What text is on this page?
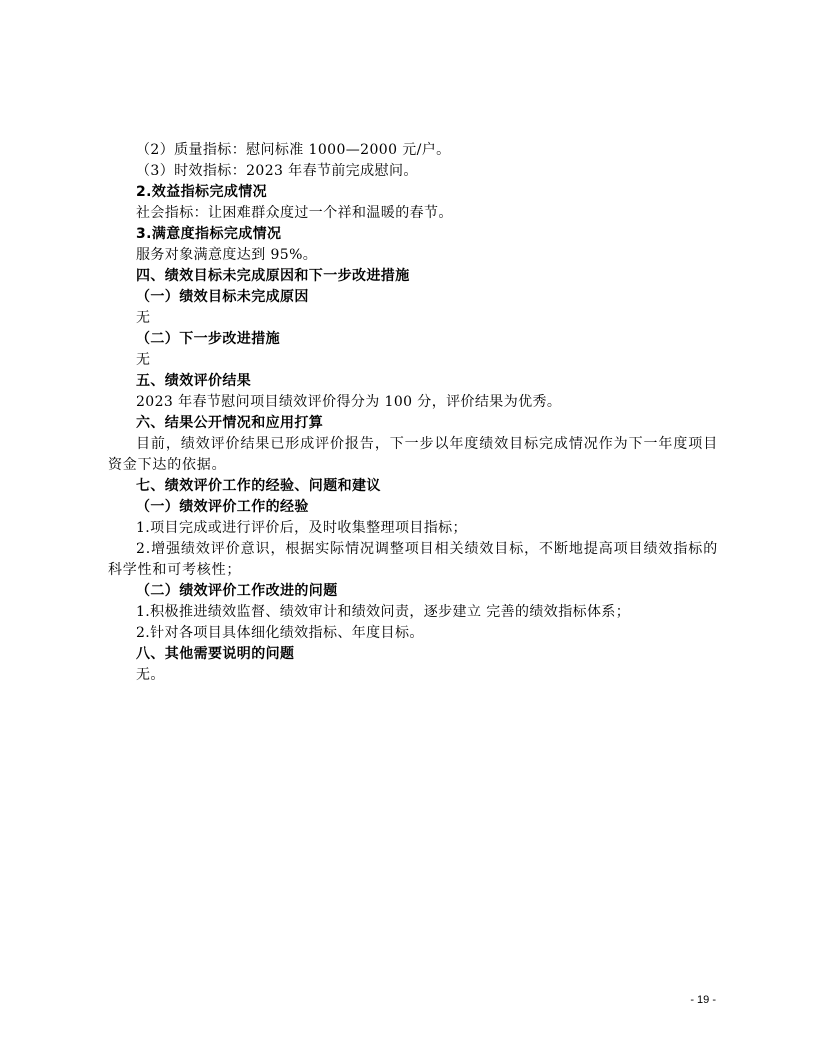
（2）质量指标：慰问标准 1000—2000 元/户。
（3）时效指标：2023 年春节前完成慰问。
2.效益指标完成情况
社会指标：让困难群众度过一个祥和温暖的春节。
3.满意度指标完成情况
服务对象满意度达到 95%。
四、绩效目标未完成原因和下一步改进措施
（一）绩效目标未完成原因
无
（二）下一步改进措施
无
五、绩效评价结果
2023 年春节慰问项目绩效评价得分为 100 分，评价结果为优秀。
六、结果公开情况和应用打算
目前，绩效评价结果已形成评价报告，下一步以年度绩效目标完成情况作为下一年度项目资金下达的依据。
七、绩效评价工作的经验、问题和建议
（一）绩效评价工作的经验
1.项目完成或进行评价后，及时收集整理项目指标；
2.增强绩效评价意识，根据实际情况调整项目相关绩效目标，不断地提高项目绩效指标的科学性和可考核性；
（二）绩效评价工作改进的问题
1.积极推进绩效监督、绩效审计和绩效问责，逐步建立 完善的绩效指标体系；
2.针对各项目具体细化绩效指标、年度目标。
八、其他需要说明的问题
无。
- 19 -
